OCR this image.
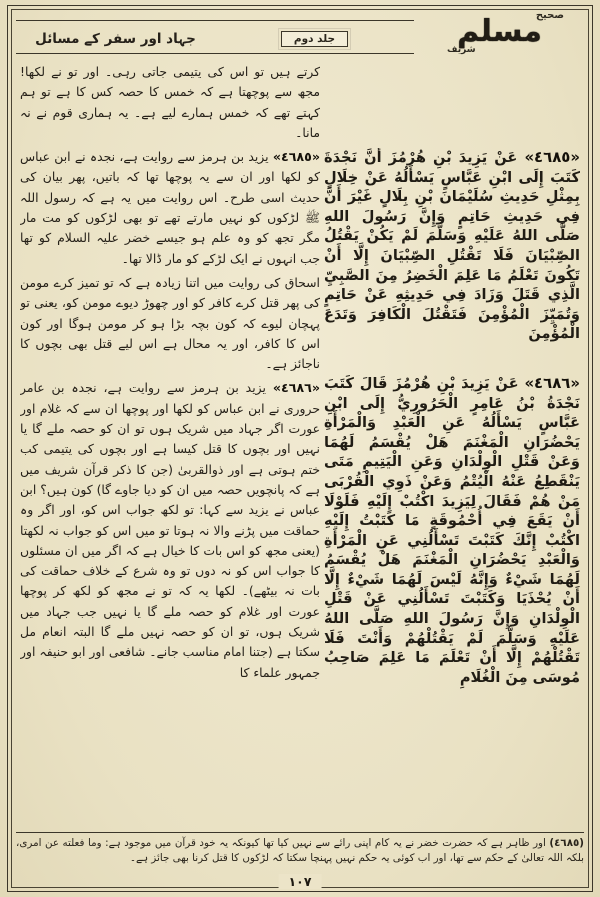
صحيح
مسلم
شريف
جہاد اور سفر کے مسائل	جلد دوم

«٤٦٨٥» عَنْ يَزِيدَ بْنِ هُرْمُزَ أَنَّ نَجْدَةَ كَتَبَ إِلَى ابْنِ عَبَّاسٍ يَسْأَلُهُ عَنْ خِلَالٍ بِمِثْلِ حَدِيثِ سُلَيْمَانَ بْنِ بِلَالٍ غَيْرَ أَنَّ فِي حَدِيثِ حَاتِمٍ وَإِنَّ رَسُولَ اللهِ صَلَّى اللهُ عَلَيْهِ وَسَلَّمَ لَمْ يَكُنْ يَقْتُلُ الصِّبْيَانَ فَلَا تَقْتُلِ الصِّبْيَانَ إِلَّا أَنْ تَكُونَ تَعْلَمُ مَا عَلِمَ الْخَضِرُ مِنَ الصَّبِيِّ الَّذِي قَتَلَ وَزَادَ فِي حَدِيثِهِ عَنْ حَاتِمٍ وَتُمَيِّزَ الْمُؤْمِنَ فَتَقْتُلَ الْكَافِرَ وَتَدَعَ الْمُؤْمِنَ

«٤٦٨٦» عَنْ يَزِيدَ بْنِ هُرْمُزَ قَالَ كَتَبَ نَجْدَةُ بْنُ عَامِرٍ الْحَرُورِيُّ إِلَى ابْنِ عَبَّاسٍ يَسْأَلُهُ عَنِ الْعَبْدِ وَالْمَرْأَةِ يَحْضُرَانِ الْمَغْنَمَ هَلْ يُقْسَمُ لَهُمَا وَعَنْ قَتْلِ الْوِلْدَانِ وَعَنِ الْيَتِيمِ مَتَى يَنْقَطِعُ عَنْهُ الْيُتْمُ وَعَنْ ذَوِي الْقُرْبَى مَنْ هُمْ فَقَالَ لِيَزِيدَ اكْتُبْ إِلَيْهِ فَلَوْلَا أَنْ يَقَعَ فِي أُحْمُوقَةٍ مَا كَتَبْتُ إِلَيْهِ اكْتُبْ إِنَّكَ كَتَبْتَ تَسْأَلُنِي عَنِ الْمَرْأَةِ وَالْعَبْدِ يَحْضُرَانِ الْمَغْنَمَ هَلْ يُقْسَمُ لَهُمَا شَيْءٌ وَإِنَّهُ لَيْسَ لَهُمَا شَيْءٌ إِلَّا أَنْ يُحْذَيَا وَكَتَبْتَ تَسْأَلُنِي عَنْ قَتْلِ الْوِلْدَانِ وَإِنَّ رَسُولَ اللهِ صَلَّى اللهُ عَلَيْهِ وَسَلَّمَ لَمْ يَقْتُلْهُمْ وَأَنْتَ فَلَا تَقْتُلْهُمْ إِلَّا أَنْ تَعْلَمَ مَا عَلِمَ صَاحِبُ مُوسَى مِنَ الْغُلَامِ

کرتے ہیں تو اس کی یتیمی جاتی رہی۔ اور تو نے لکھا! مجھ سے پوچھتا ہے کہ خمس کا حصہ کس کا ہے تو ہم کہتے تھے کہ خمس ہمارے لیے ہے۔ یہ ہماری قوم نے نہ مانا۔

«٤٦٨٥» یزید بن ہرمز سے روایت ہے، نجدہ نے ابن عباس کو لکھا اور ان سے یہ پوچھا تھا کہ باتیں، پھر بیان کی حدیث اسی طرح۔ اس روایت میں یہ ہے کہ رسول اللہ ﷺ لڑکوں کو نہیں مارتے تھے تو بھی لڑکوں کو مت مار مگر تجھ کو وہ علم ہو جیسے خضر علیہ السلام کو تھا جب انہوں نے ایک لڑکے کو مار ڈالا تھا۔

اسحاق کی روایت میں اتنا زیادہ ہے کہ تو تمیز کرے مومن کی پھر قتل کرے کافر کو اور چھوڑ دیوے مومن کو، یعنی تو پہچان لیوے کہ کون بچہ بڑا ہو کر مومن ہوگا اور کون اس کا کافر، اور یہ محال ہے اس لیے قتل بھی بچوں کا ناجائز ہے۔

«٤٦٨٦» یزید بن ہرمز سے روایت ہے، نجدہ بن عامر حروری نے ابن عباس کو لکھا اور پوچھا ان سے کہ غلام اور عورت اگر جہاد میں شریک ہوں تو ان کو حصہ ملے گا یا نہیں اور بچوں کا قتل کیسا ہے اور بچوں کی یتیمی کب ختم ہوتی ہے اور ذوالقربیٰ (جن کا ذکر قرآن شریف میں ہے کہ پانچویں حصہ میں ان کو دیا جاوے گا) کون ہیں؟ ابن عباس نے یزید سے کہا: تو لکھ جواب اس کو، اور اگر وہ حماقت میں پڑنے والا نہ ہوتا تو میں اس کو جواب نہ لکھتا (یعنی مجھ کو اس بات کا خیال ہے کہ اگر میں ان مسئلوں کا جواب اس کو نہ دوں تو وہ شرع کے خلاف حماقت کی بات نہ بیٹھے)۔ لکھا یہ کہ تو نے مجھ کو لکھ کر پوچھا عورت اور غلام کو حصہ ملے گا یا نہیں جب جہاد میں شریک ہوں، تو ان کو حصہ نہیں ملے گا البتہ انعام مل سکتا ہے (جتنا امام مناسب جانے۔ شافعی اور ابو حنیفہ اور جمہور علماء کا

(٤٦٨٥) اور ظاہر ہے کہ حضرت خضر نے یہ کام اپنی رائے سے نہیں کیا تھا کیونکہ یہ خود قرآن میں موجود ہے: وما فعلته عن امری، بلکہ اللہ تعالیٰ کے حکم سے تھا، اور اب کوئی یہ حکم نہیں پہنچا سکتا کہ لڑکوں کا قتل کرنا بھی جائز ہے۔

١٠٧
